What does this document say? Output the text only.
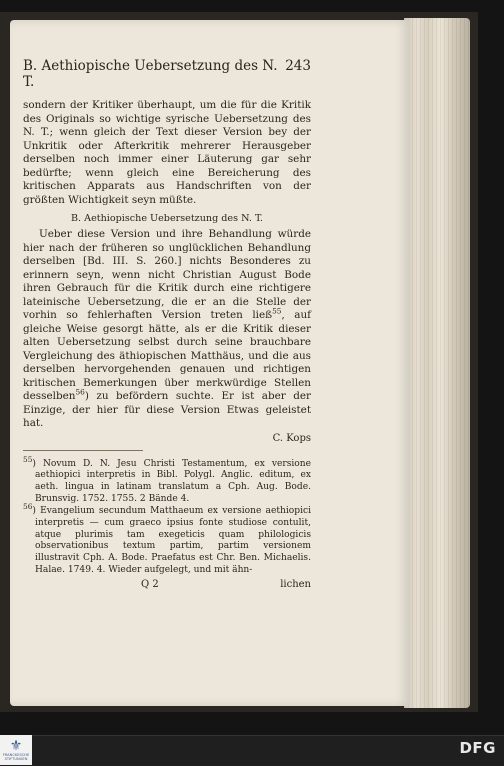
B. Aethiopische Uebersetzung des N. T.
243

sondern der Kritiker überhaupt, um die für die Kritik des Originals so wichtige syrische Uebersetzung des N. T.; wenn gleich der Text dieser Version bey der Unkritik oder Afterkritik mehrerer Herausgeber derselben noch immer einer Läuterung gar sehr bedürfte; wenn gleich eine Bereicherung des kritischen Apparats aus Handschriften von der größten Wichtigkeit seyn müßte.

B. Aethiopische Uebersetzung des N. T.

Ueber diese Version und ihre Behandlung würde hier nach der früheren so unglücklichen Behandlung derselben [Bd. III. S. 260.] nichts Besonderes zu erinnern seyn, wenn nicht Christian August Bode ihren Gebrauch für die Kritik durch eine richtigere lateinische Uebersetzung, die er an die Stelle der vorhin so fehlerhaften Version treten ließ$^{55}$, auf gleiche Weise gesorgt hätte, als er die Kritik dieser alten Uebersetzung selbst durch seine brauchbare Vergleichung des äthiopischen Matthäus, und die aus derselben hervorgehenden genauen und richtigen kritischen Bemerkungen über merkwürdige Stellen desselben$^{56}$) zu befördern suchte. Er ist aber der Einzige, der hier für diese Version Etwas geleistet hat.

C. Kops

$^{55}$) Novum D. N. Jesu Christi Testamentum, ex versione aethiopici interpretis in Bibl. Polygl. Anglic. editum, ex aeth. lingua in latinam translatum a Cph. Aug. Bode. Brunsvig. 1752. 1755. 2 Bände 4.

$^{56}$) Evangelium secundum Matthaeum ex versione aethiopici interpretis — cum graeco ipsius fonte studiose contulit, atque plurimis tam exegeticis quam philologicis observationibus textum partim, partim versionem illustravit Cph. A. Bode. Praefatus est Chr. Ben. Michaelis. Halae. 1749. 4. Wieder aufgelegt, und mit ähn-

Q 2	lichen
⚜
FRANCKESCHE STIFTUNGEN
DFG
